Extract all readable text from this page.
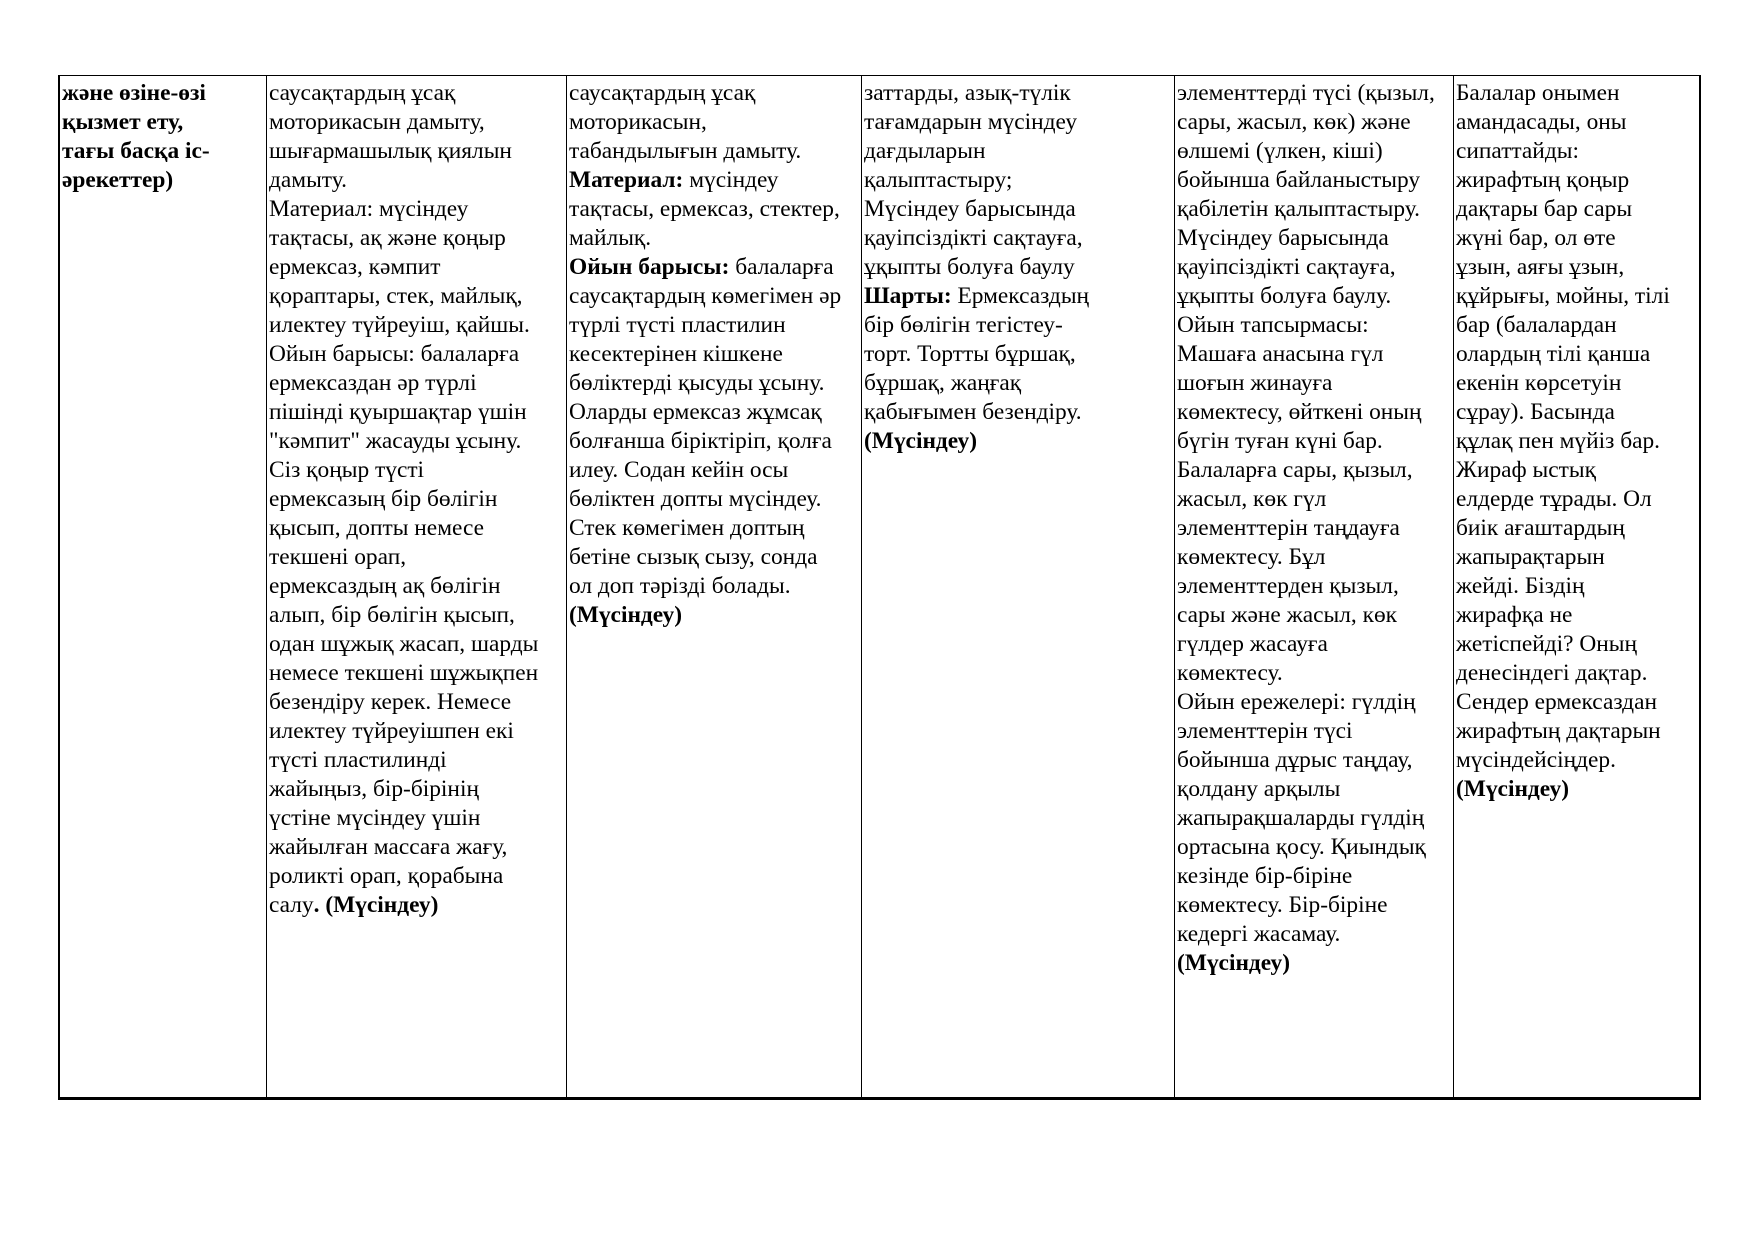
және өзіне-өзі
қызмет ету,
тағы басқа іс-
әрекеттер)
саусақтардың ұсақ
моторикасын дамыту,
шығармашылық қиялын
дамыту.
Материал: мүсіндеу
тақтасы, ақ және қоңыр
ермексаз, кәмпит
қораптары, стек, майлық,
илектеу түйреуіш, қайшы.
Ойын барысы: балаларға
ермексаздан әр түрлі
пішінді қуыршақтар үшін
"кәмпит" жасауды ұсыну.
Сіз қоңыр түсті
ермексазың бір бөлігін
қысып, допты немесе
текшені орап,
ермексаздың ақ бөлігін
алып, бір бөлігін қысып,
одан шұжық жасап, шарды
немесе текшені шұжықпен
безендіру керек. Немесе
илектеу түйреуішпен екі
түсті пластилинді
жайыңыз, бір-бірінің
үстіне мүсіндеу үшін
жайылған массаға жағу,
роликті орап, қорабына
салу. (Мүсіндеу)
саусақтардың ұсақ
моторикасын,
табандылығын дамыту.
Материал: мүсіндеу
тақтасы, ермексаз, стектер,
майлық.
Ойын барысы: балаларға
саусақтардың көмегімен әр
түрлі түсті пластилин
кесектерінен кішкене
бөліктерді қысуды ұсыну.
Оларды ермексаз жұмсақ
болғанша біріктіріп, қолға
илеу. Содан кейін осы
бөліктен допты мүсіндеу.
Стек көмегімен доптың
бетіне сызық сызу, сонда
ол доп тәрізді болады.
(Мүсіндеу)
заттарды, азық-түлік
тағамдарын мүсіндеу
дағдыларын
қалыптастыру;
Мүсіндеу барысында
қауіпсіздікті сақтауға,
ұқыпты болуға баулу
Шарты: Ермексаздың
бір бөлігін тегістеу-
торт. Тортты бұршақ,
бұршақ, жаңғақ
қабығымен безендіру.
(Мүсіндеу)
элементтерді түсі (қызыл,
сары, жасыл, көк) және
өлшемі (үлкен, кіші)
бойынша байланыстыру
қабілетін қалыптастыру.
Мүсіндеу барысында
қауіпсіздікті сақтауға,
ұқыпты болуға баулу.
Ойын тапсырмасы:
Машаға анасына гүл
шоғын жинауға
көмектесу, өйткені оның
бүгін туған күні бар.
Балаларға сары, қызыл,
жасыл, көк гүл
элементтерін таңдауға
көмектесу. Бұл
элементтерден қызыл,
сары және жасыл, көк
гүлдер жасауға
көмектесу.
Ойын ережелері: гүлдің
элементтерін түсі
бойынша дұрыс таңдау,
қолдану арқылы
жапырақшаларды гүлдің
ортасына қосу. Қиындық
кезінде бір-біріне
көмектесу. Бір-біріне
кедергі жасамау.
(Мүсіндеу)
Балалар онымен
амандасады, оны
сипаттайды:
жирафтың қоңыр
дақтары бар сары
жүні бар, ол өте
ұзын, аяғы ұзын,
құйрығы, мойны, тілі
бар (балалардан
олардың тілі қанша
екенін көрсетуін
сұрау). Басында
құлақ пен мүйіз бар.
Жираф ыстық
елдерде тұрады. Ол
биік ағаштардың
жапырақтарын
жейді. Біздің
жирафқа не
жетіспейді? Оның
денесіндегі дақтар.
Сендер ермексаздан
жирафтың дақтарын
мүсіндейсіңдер.
(Мүсіндеу)
